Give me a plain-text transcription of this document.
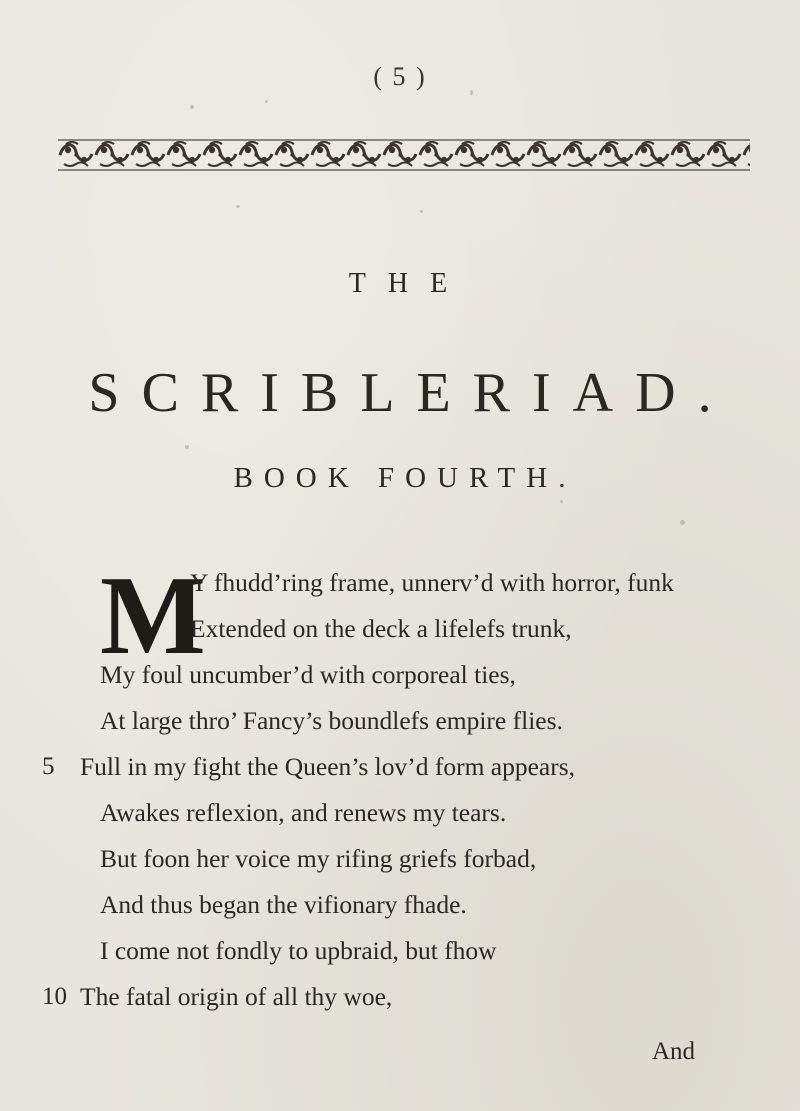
( 5 )
THE
SCRIBLERIAD.
BOOK FOURTH.
M
Y fhudd’ring frame, unnerv’d with horror, funk
Extended on the deck a lifelefs trunk,
My foul uncumber’d with corporeal ties,
At large thro’ Fancy’s boundlefs empire flies.
5 Full in my fight the Queen’s lov’d form appears,
Awakes reflexion, and renews my tears.
But foon her voice my rifing griefs forbad,
And thus began the vifionary fhade.
I come not fondly to upbraid, but fhow
10 The fatal origin of all thy woe,
And
